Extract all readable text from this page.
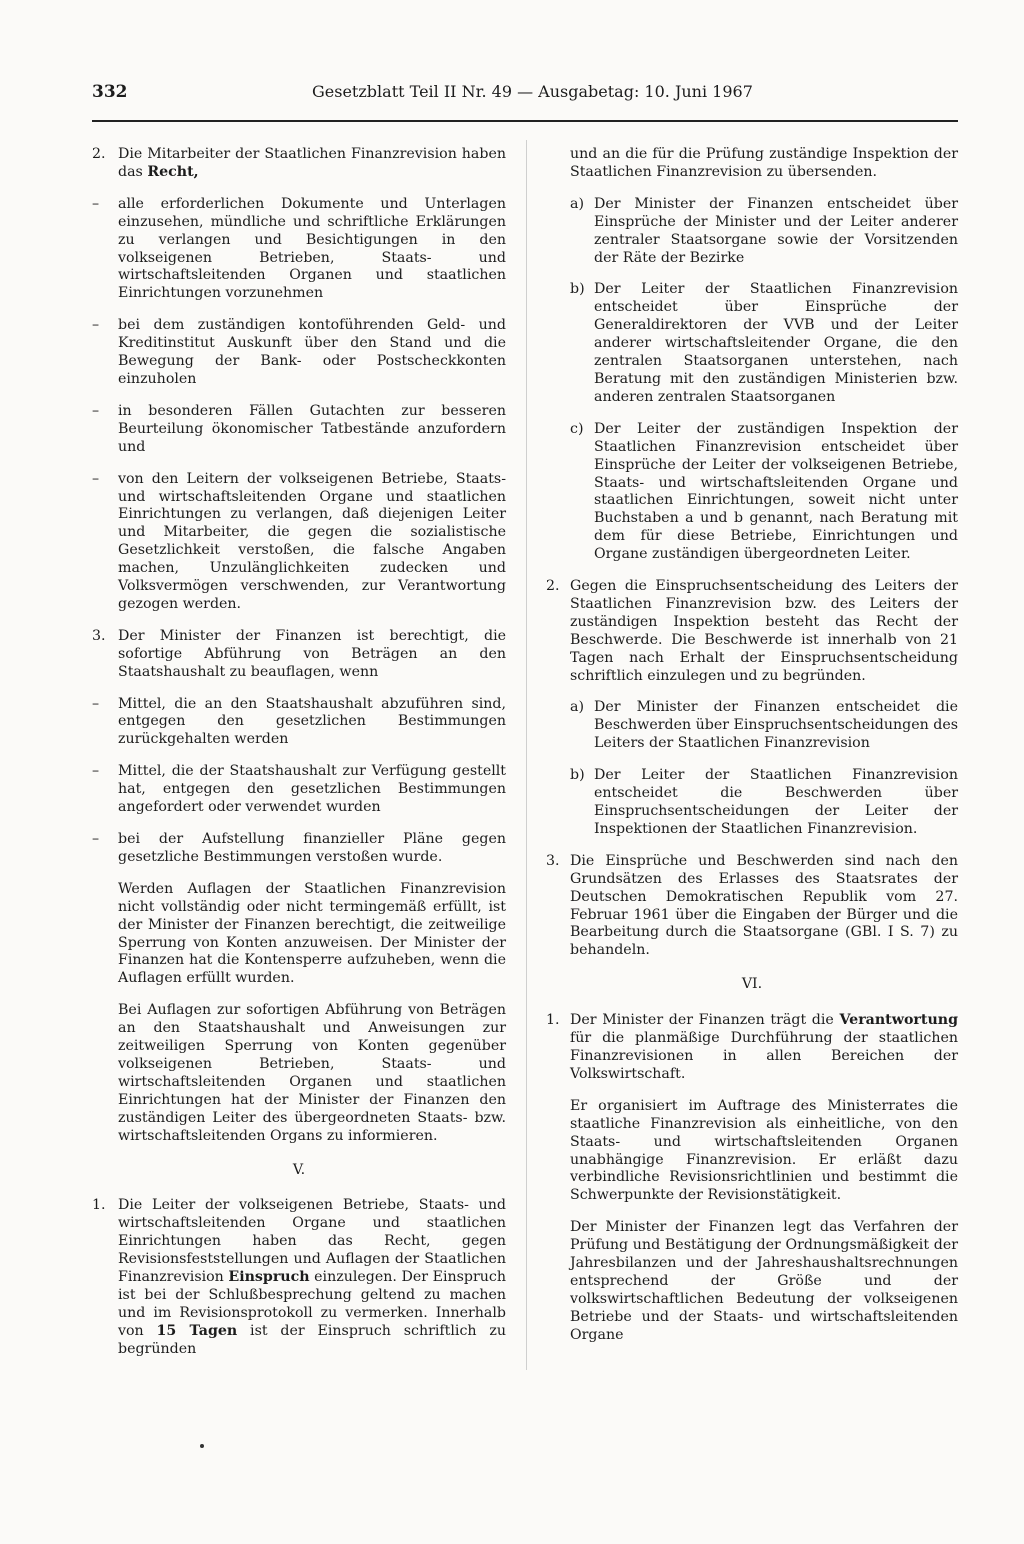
332	Gesetzblatt Teil II Nr. 49 — Ausgabetag: 10. Juni 1967
2. Die Mitarbeiter der Staatlichen Finanzrevision haben das Recht,
– alle erforderlichen Dokumente und Unterlagen einzusehen, mündliche und schriftliche Erklärungen zu verlangen und Besichtigungen in den volkseigenen Betrieben, Staats- und wirtschaftsleitenden Organen und staatlichen Einrichtungen vorzunehmen
– bei dem zuständigen kontoführenden Geld- und Kreditinstitut Auskunft über den Stand und die Bewegung der Bank- oder Postscheckkonten einzuholen
– in besonderen Fällen Gutachten zur besseren Beurteilung ökonomischer Tatbestände anzufordern und
– von den Leitern der volkseigenen Betriebe, Staats- und wirtschaftsleitenden Organe und staatlichen Einrichtungen zu verlangen, daß diejenigen Leiter und Mitarbeiter, die gegen die sozialistische Gesetzlichkeit verstoßen, die falsche Angaben machen, Unzulänglichkeiten zudecken und Volksvermögen verschwenden, zur Verantwortung gezogen werden.
3. Der Minister der Finanzen ist berechtigt, die sofortige Abführung von Beträgen an den Staatshaushalt zu beauflagen, wenn
– Mittel, die an den Staatshaushalt abzuführen sind, entgegen den gesetzlichen Bestimmungen zurückgehalten werden
– Mittel, die der Staatshaushalt zur Verfügung gestellt hat, entgegen den gesetzlichen Bestimmungen angefordert oder verwendet wurden
– bei der Aufstellung finanzieller Pläne gegen gesetzliche Bestimmungen verstoßen wurde.
Werden Auflagen der Staatlichen Finanzrevision nicht vollständig oder nicht termingemäß erfüllt, ist der Minister der Finanzen berechtigt, die zeitweilige Sperrung von Konten anzuweisen. Der Minister der Finanzen hat die Kontensperre aufzuheben, wenn die Auflagen erfüllt wurden.
Bei Auflagen zur sofortigen Abführung von Beträgen an den Staatshaushalt und Anweisungen zur zeitweiligen Sperrung von Konten gegenüber volkseigenen Betrieben, Staats- und wirtschaftsleitenden Organen und staatlichen Einrichtungen hat der Minister der Finanzen den zuständigen Leiter des übergeordneten Staats- bzw. wirtschaftsleitenden Organs zu informieren.
V.
1. Die Leiter der volkseigenen Betriebe, Staats- und wirtschaftsleitenden Organe und staatlichen Einrichtungen haben das Recht, gegen Revisionsfeststellungen und Auflagen der Staatlichen Finanzrevision Einspruch einzulegen. Der Einspruch ist bei der Schlußbesprechung geltend zu machen und im Revisionsprotokoll zu vermerken. Innerhalb von 15 Tagen ist der Einspruch schriftlich zu begründen
und an die für die Prüfung zuständige Inspektion der Staatlichen Finanzrevision zu übersenden.
a) Der Minister der Finanzen entscheidet über Einsprüche der Minister und der Leiter anderer zentraler Staatsorgane sowie der Vorsitzenden der Räte der Bezirke
b) Der Leiter der Staatlichen Finanzrevision entscheidet über Einsprüche der Generaldirektoren der VVB und der Leiter anderer wirtschaftsleitender Organe, die den zentralen Staatsorganen unterstehen, nach Beratung mit den zuständigen Ministerien bzw. anderen zentralen Staatsorganen
c) Der Leiter der zuständigen Inspektion der Staatlichen Finanzrevision entscheidet über Einsprüche der Leiter der volkseigenen Betriebe, Staats- und wirtschaftsleitenden Organe und staatlichen Einrichtungen, soweit nicht unter Buchstaben a und b genannt, nach Beratung mit dem für diese Betriebe, Einrichtungen und Organe zuständigen übergeordneten Leiter.
2. Gegen die Einspruchsentscheidung des Leiters der Staatlichen Finanzrevision bzw. des Leiters der zuständigen Inspektion besteht das Recht der Beschwerde. Die Beschwerde ist innerhalb von 21 Tagen nach Erhalt der Einspruchsentscheidung schriftlich einzulegen und zu begründen.
a) Der Minister der Finanzen entscheidet die Beschwerden über Einspruchsentscheidungen des Leiters der Staatlichen Finanzrevision
b) Der Leiter der Staatlichen Finanzrevision entscheidet die Beschwerden über Einspruchsentscheidungen der Leiter der Inspektionen der Staatlichen Finanzrevision.
3. Die Einsprüche und Beschwerden sind nach den Grundsätzen des Erlasses des Staatsrates der Deutschen Demokratischen Republik vom 27. Februar 1961 über die Eingaben der Bürger und die Bearbeitung durch die Staatsorgane (GBl. I S. 7) zu behandeln.
VI.
1. Der Minister der Finanzen trägt die Verantwortung für die planmäßige Durchführung der staatlichen Finanzrevisionen in allen Bereichen der Volkswirtschaft.
Er organisiert im Auftrage des Ministerrates die staatliche Finanzrevision als einheitliche, von den Staats- und wirtschaftsleitenden Organen unabhängige Finanzrevision. Er erläßt dazu verbindliche Revisionsrichtlinien und bestimmt die Schwerpunkte der Revisionstätigkeit.
Der Minister der Finanzen legt das Verfahren der Prüfung und Bestätigung der Ordnungsmäßigkeit der Jahresbilanzen und der Jahreshaushaltsrechnungen entsprechend der Größe und der volkswirtschaftlichen Bedeutung der volkseigenen Betriebe und der Staats- und wirtschaftsleitenden Organe
